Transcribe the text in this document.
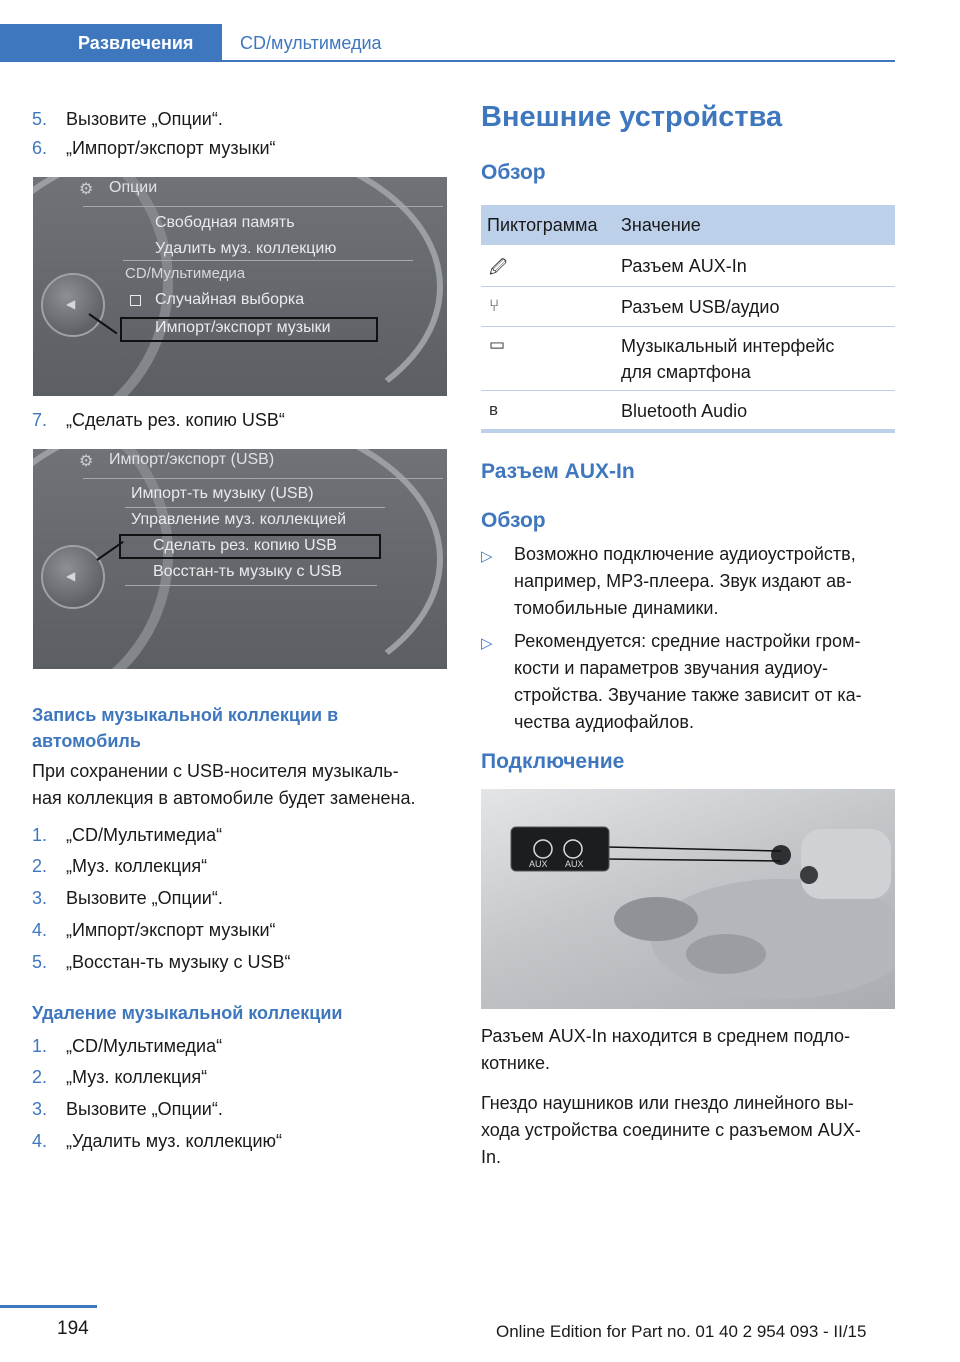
Развлечения	CD/мультимедиа
5. Вызовите „Опции“.
6. „Импорт/экспорт музыки“
◀
⚙ Опции
Свободная память
Удалить муз. коллекцию
CD/Мультимедиа
Случайная выборка
Импорт/экспорт музыки
7. „Сделать рез. копию USB“
◀
⚙ Импорт/экспорт (USB)
Импорт-ть музыку (USB)
Управление муз. коллекцией
Сделать рез. копию USB
Восстан-ть музыку с USB
Запись музыкальной коллекции в
автомобиль
При сохранении с USB-носителя музыкаль-
ная коллекция в автомобиле будет заменена.
1. „CD/Мультимедиа“
2. „Муз. коллекция“
3. Вызовите „Опции“.
4. „Импорт/экспорт музыки“
5. „Восстан-ть музыку с USB“
Удаление музыкальной коллекции
1. „CD/Мультимедиа“
2. „Муз. коллекция“
3. Вызовите „Опции“.
4. „Удалить муз. коллекцию“
Внешние устройства
Обзор
Пиктограмма Значение
🖉	Разъем AUX-In
⑂	Разъем USB/аудио
▭	Музыкальный интерфейс
для смартфона
ʙ	Bluetooth Audio
Разъем AUX-In
Обзор
▷ Возможно подключение аудиоустройств,
например, MP3-плеера. Звук издают ав-
томобильные динамики.
▷ Рекомендуется: средние настройки гром-
кости и параметров звучания аудиоу-
стройства. Звучание также зависит от ка-
чества аудиофайлов.
Подключение
AUX AUX
Разъем AUX-In находится в среднем подло-
котнике.
Гнездо наушников или гнездо линейного вы-
хода устройства соедините с разъемом AUX-
In.
194	Online Edition for Part no. 01 40 2 954 093 - II/15
